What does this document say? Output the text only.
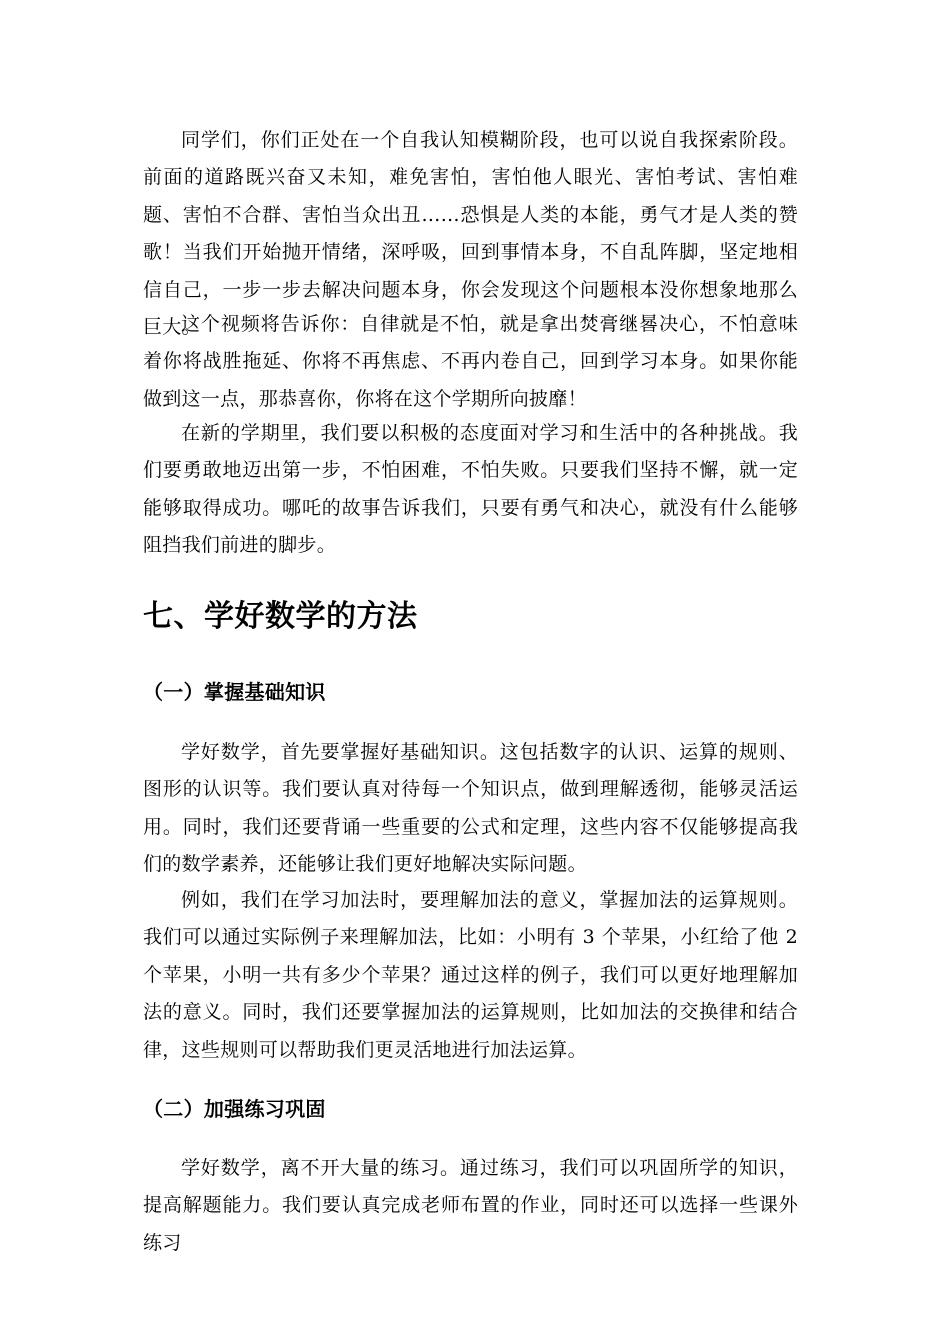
同学们，你们正处在一个自我认知模糊阶段，也可以说自我探索阶段。前面的道路既兴奋又未知，难免害怕，害怕他人眼光、害怕考试、害怕难题、害怕不合群、害怕当众出丑……恐惧是人类的本能，勇气才是人类的赞歌！当我们开始抛开情绪，深呼吸，回到事情本身，不自乱阵脚，坚定地相信自己，一步一步去解决问题本身，你会发现这个问题根本没你想象地那么巨大。

这个视频将告诉你：自律就是不怕，就是拿出焚膏继晷决心，不怕意味着你将战胜拖延、你将不再焦虑、不再内卷自己，回到学习本身。如果你能做到这一点，那恭喜你，你将在这个学期所向披靡！

在新的学期里，我们要以积极的态度面对学习和生活中的各种挑战。我们要勇敢地迈出第一步，不怕困难，不怕失败。只要我们坚持不懈，就一定能够取得成功。哪吒的故事告诉我们，只要有勇气和决心，就没有什么能够阻挡我们前进的脚步。

七、学好数学的方法
（一）掌握基础知识

学好数学，首先要掌握好基础知识。这包括数字的认识、运算的规则、图形的认识等。我们要认真对待每一个知识点，做到理解透彻，能够灵活运用。同时，我们还要背诵一些重要的公式和定理，这些内容不仅能够提高我们的数学素养，还能够让我们更好地解决实际问题。

例如，我们在学习加法时，要理解加法的意义，掌握加法的运算规则。我们可以通过实际例子来理解加法，比如：小明有 3 个苹果，小红给了他 2 个苹果，小明一共有多少个苹果？通过这样的例子，我们可以更好地理解加法的意义。同时，我们还要掌握加法的运算规则，比如加法的交换律和结合律，这些规则可以帮助我们更灵活地进行加法运算。

（二）加强练习巩固

学好数学，离不开大量的练习。通过练习，我们可以巩固所学的知识，提高解题能力。我们要认真完成老师布置的作业，同时还可以选择一些课外练习
